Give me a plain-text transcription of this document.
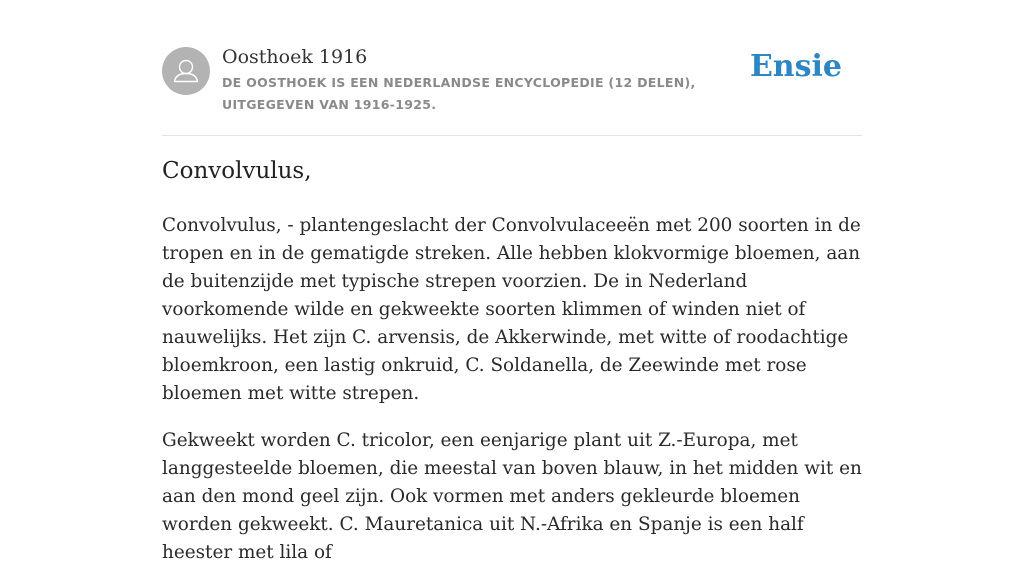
Oosthoek 1916
DE OOSTHOEK IS EEN NEDERLANDSE ENCYCLOPEDIE (12 DELEN), UITGEGEVEN VAN 1916-1925.
Ensie
Convolvulus,

Convolvulus, - plantengeslacht der Convolvulaceeën met 200 soorten in de tropen en in de gematigde streken. Alle hebben klokvormige bloemen, aan de buitenzijde met typische strepen voorzien. De in Nederland voorkomende wilde en gekweekte soorten klimmen of winden niet of nauwelijks. Het zijn C. arvensis, de Akkerwinde, met witte of roodachtige bloemkroon, een lastig onkruid, C. Soldanella, de Zeewinde met rose bloemen met witte strepen.

Gekweekt worden C. tricolor, een eenjarige plant uit Z.-Europa, met langgesteelde bloemen, die meestal van boven blauw, in het midden wit en aan den mond geel zijn. Ook vormen met anders gekleurde bloemen worden gekweekt. C. Mauretanica uit N.-Afrika en Spanje is een half heester met lila of
